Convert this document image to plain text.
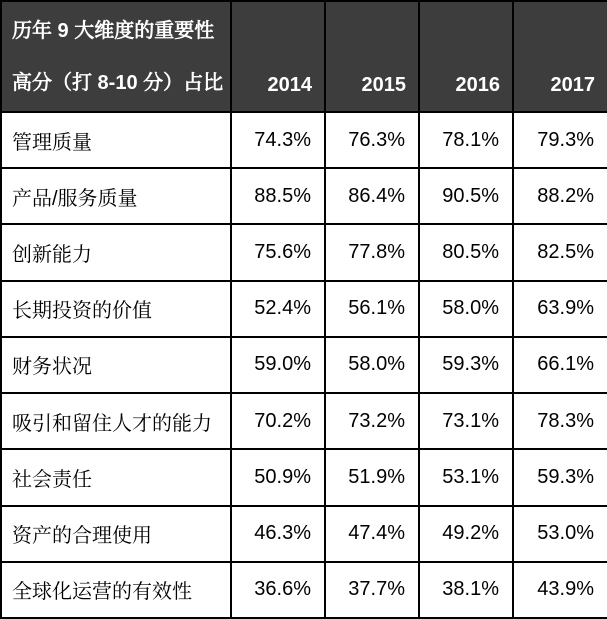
历年 9 大维度的重要性
高分（打 8-10 分）占比	2014	2015	2016	2017
管理质量	74.3%	76.3%	78.1%	79.3%
产品/服务质量	88.5%	86.4%	90.5%	88.2%
创新能力	75.6%	77.8%	80.5%	82.5%
长期投资的价值	52.4%	56.1%	58.0%	63.9%
财务状况	59.0%	58.0%	59.3%	66.1%
吸引和留住人才的能力	70.2%	73.2%	73.1%	78.3%
社会责任	50.9%	51.9%	53.1%	59.3%
资产的合理使用	46.3%	47.4%	49.2%	53.0%
全球化运营的有效性	36.6%	37.7%	38.1%	43.9%
